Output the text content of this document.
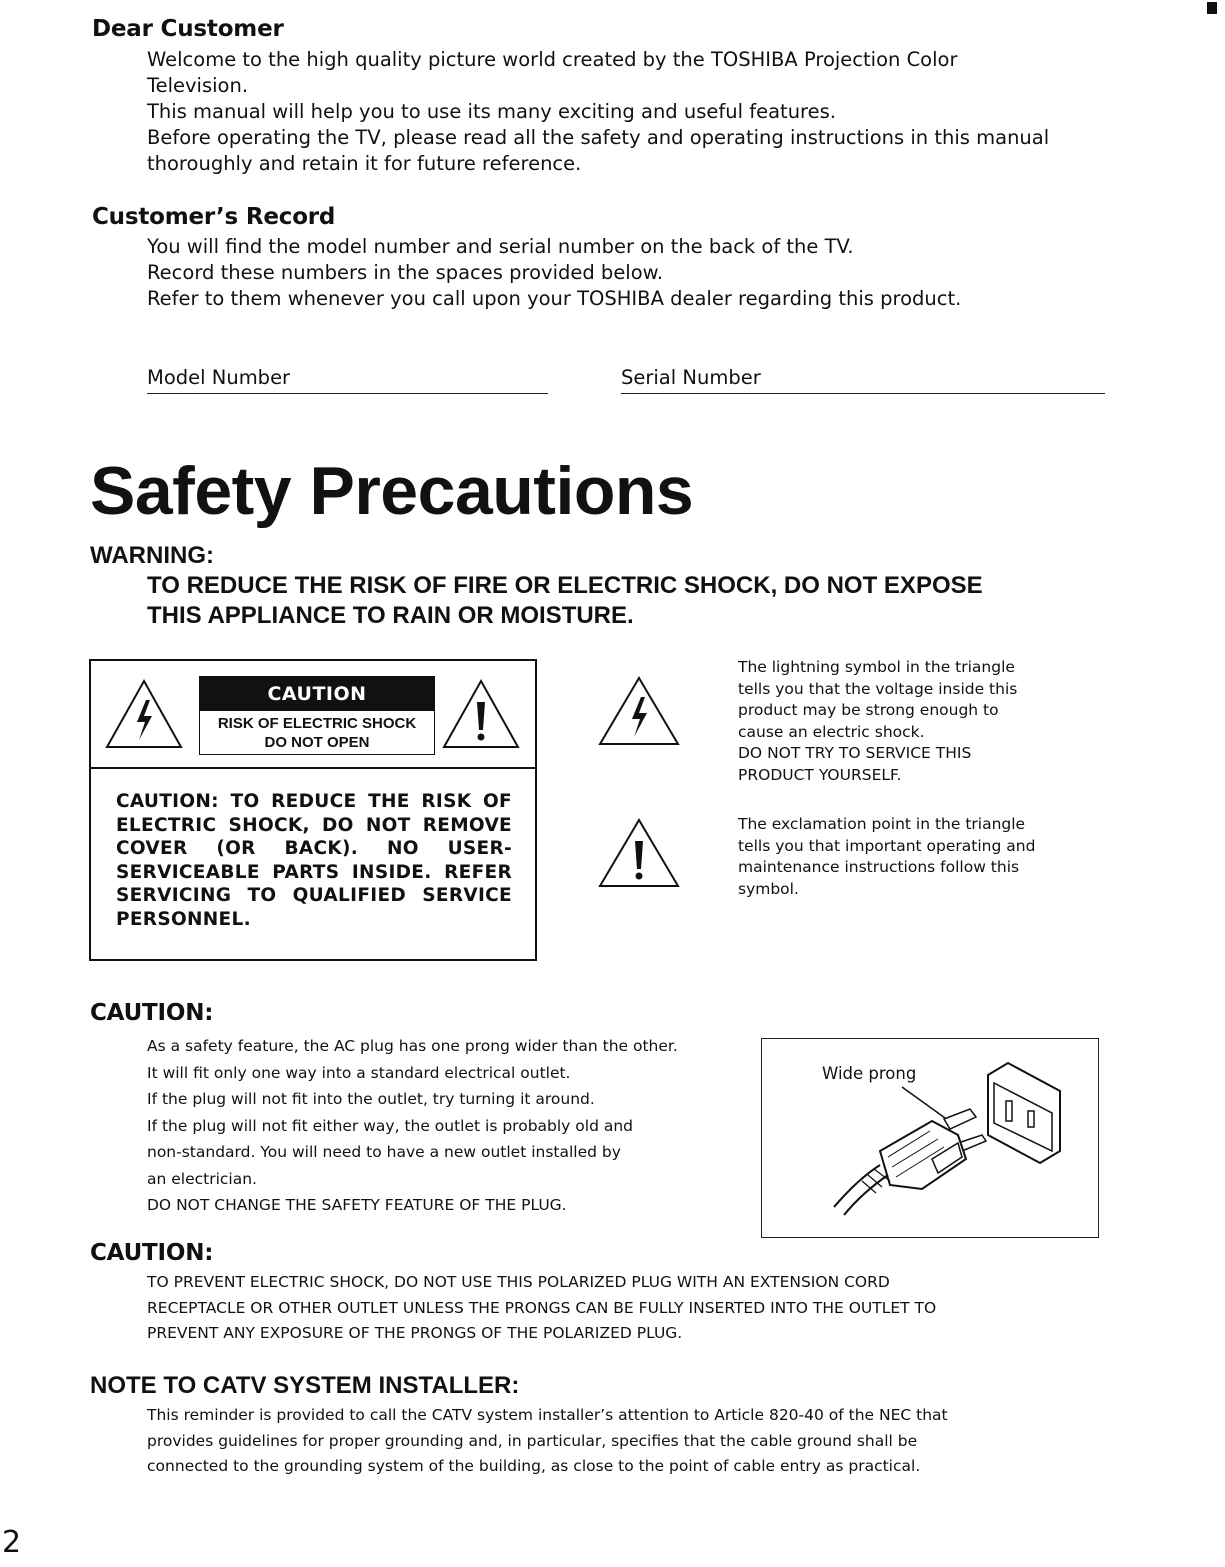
Dear Customer
Welcome to the high quality picture world created by the TOSHIBA Projection Color
Television.
This manual will help you to use its many exciting and useful features.
Before operating the TV, please read all the safety and operating instructions in this manual
thoroughly and retain it for future reference.
Customer’s Record
You will find the model number and serial number on the back of the TV.
Record these numbers in the spaces provided below.
Refer to them whenever you call upon your TOSHIBA dealer regarding this product.
Model Number	Serial Number
Safety Precautions
WARNING:
TO REDUCE THE RISK OF FIRE OR ELECTRIC SHOCK, DO NOT EXPOSE
THIS APPLIANCE TO RAIN OR MOISTURE.
CAUTION
RISK OF ELECTRIC SHOCK
DO NOT OPEN
CAUTION: TO REDUCE THE RISK OF ELECTRIC SHOCK, DO NOT REMOVE COVER (OR BACK). NO USER-SERVICEABLE PARTS INSIDE. REFER SERVICING TO QUALIFIED SERVICE PERSONNEL.
The lightning symbol in the triangle
tells you that the voltage inside this
product may be strong enough to
cause an electric shock.
DO NOT TRY TO SERVICE THIS
PRODUCT YOURSELF.
The exclamation point in the triangle
tells you that important operating and
maintenance instructions follow this
symbol.
CAUTION:
As a safety feature, the AC plug has one prong wider than the other.
It will fit only one way into a standard electrical outlet.
If the plug will not fit into the outlet, try turning it around.
If the plug will not fit either way, the outlet is probably old and
non-standard. You will need to have a new outlet installed by
an electrician.
DO NOT CHANGE THE SAFETY FEATURE OF THE PLUG.
Wide prong
CAUTION:
TO PREVENT ELECTRIC SHOCK, DO NOT USE THIS POLARIZED PLUG WITH AN EXTENSION CORD
RECEPTACLE OR OTHER OUTLET UNLESS THE PRONGS CAN BE FULLY INSERTED INTO THE OUTLET TO
PREVENT ANY EXPOSURE OF THE PRONGS OF THE POLARIZED PLUG.
NOTE TO CATV SYSTEM INSTALLER:
This reminder is provided to call the CATV system installer’s attention to Article 820-40 of the NEC that
provides guidelines for proper grounding and, in particular, specifies that the cable ground shall be
connected to the grounding system of the building, as close to the point of cable entry as practical.
2
